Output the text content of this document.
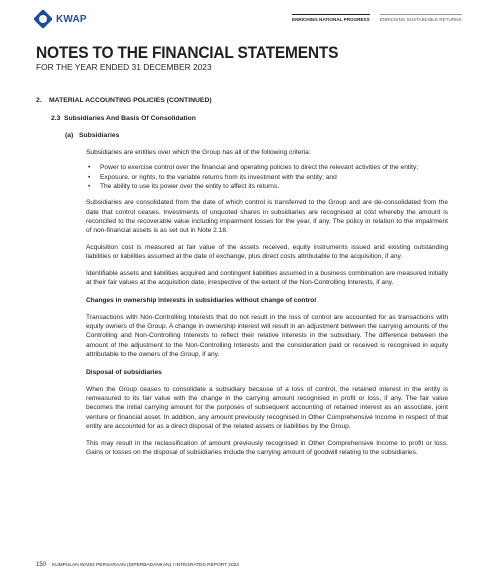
KWAP	ENRICHING NATIONAL PROGRESS ENRICHING SUSTAINABLE RETURNS
NOTES TO THE FINANCIAL STATEMENTS
FOR THE YEAR ENDED 31 DECEMBER 2023
2. MATERIAL ACCOUNTING POLICIES (CONTINUED)
2.3 Subsidiaries And Basis Of Consolidation
(a) Subsidiaries

Subsidiaries are entities over which the Group has all of the following criteria:

• Power to exercise control over the financial and operating policies to direct the relevant activities of the entity;
• Exposure, or rights, to the variable returns from its investment with the entity; and
• The ability to use its power over the entity to affect its returns.

Subsidiaries are consolidated from the date of which control is transferred to the Group and are de-consolidated from the date that control ceases. Investments of unquoted shares in subsidiaries are recognised at cost whereby the amount is reconciled to the recoverable value including impairment losses for the year, if any. The policy in relation to the impairment of non-financial assets is as set out in Note 2.18.

Acquisition cost is measured at fair value of the assets received, equity instruments issued and existing outstanding liabilities or liabilities assumed at the date of exchange, plus direct costs attributable to the acquisition, if any.

Identifiable assets and liabilities acquired and contingent liabilities assumed in a business combination are measured initially at their fair values at the acquisition date, irrespective of the extent of the Non-Controlling Interests, if any.

Changes in ownership interests in subsidiaries without change of control

Transactions with Non-Controlling Interests that do not result in the loss of control are accounted for as transactions with equity owners of the Group. A change in ownership interest will result in an adjustment between the carrying amounts of the Controlling and Non-Controlling Interests to reflect their relative interests in the subsidiary. The difference between the amount of the adjustment to the Non-Controlling Interests and the consideration paid or received is recognised in equity attributable to the owners of the Group, if any.

Disposal of subsidiaries

When the Group ceases to consolidate a subsidiary because of a loss of control, the retained interest in the entity is remeasured to its fair value with the change in the carrying amount recognised in profit or loss, if any. The fair value becomes the initial carrying amount for the purposes of subsequent accounting of retained interest as an associate, joint venture or financial asset. In addition, any amount previously recognised in Other Comprehensive Income in respect of that entity are accounted for as a direct disposal of the related assets or liabilities by the Group.

This may result in the reclassification of amount previously recognised in Other Comprehensive Income to profit or loss. Gains or losses on the disposal of subsidiaries include the carrying amount of goodwill relating to the subsidiaries.

150 KUMPULAN WANG PERSARAAN (DIPERBADANKAN) I INTEGRATED REPORT 2023
